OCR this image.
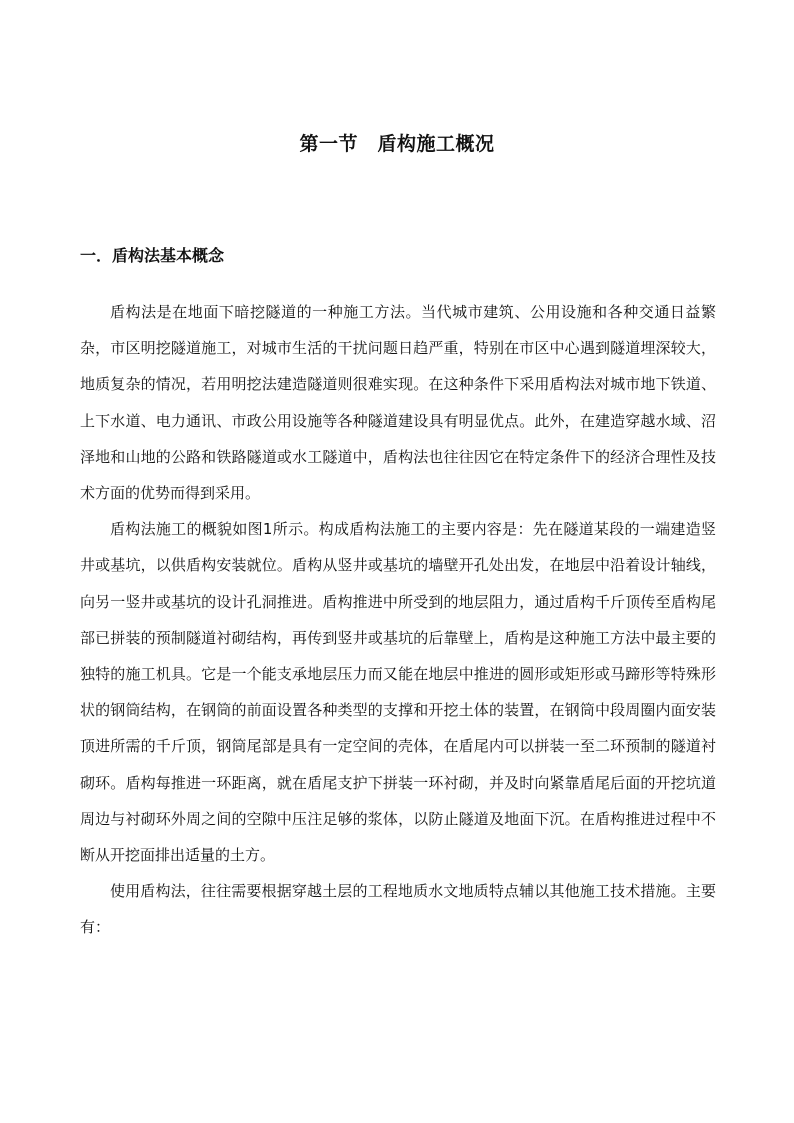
第一节　盾构施工概况
一．盾构法基本概念

盾构法是在地面下暗挖隧道的一种施工方法。当代城市建筑、公用设施和各种交通日益繁杂，市区明挖隧道施工，对城市生活的干扰问题日趋严重，特别在市区中心遇到隧道埋深较大，地质复杂的情况，若用明挖法建造隧道则很难实现。在这种条件下采用盾构法对城市地下铁道、上下水道、电力通讯、市政公用设施等各种隧道建设具有明显优点。此外，在建造穿越水域、沼泽地和山地的公路和铁路隧道或水工隧道中，盾构法也往往因它在特定条件下的经济合理性及技术方面的优势而得到采用。

盾构法施工的概貌如图1所示。构成盾构法施工的主要内容是：先在隧道某段的一端建造竖井或基坑，以供盾构安装就位。盾构从竖井或基坑的墙壁开孔处出发，在地层中沿着设计轴线，向另一竖井或基坑的设计孔洞推进。盾构推进中所受到的地层阻力，通过盾构千斤顶传至盾构尾部已拼装的预制隧道衬砌结构，再传到竖井或基坑的后靠壁上，盾构是这种施工方法中最主要的独特的施工机具。它是一个能支承地层压力而又能在地层中推进的圆形或矩形或马蹄形等特殊形状的钢筒结构，在钢筒的前面设置各种类型的支撑和开挖土体的装置，在钢筒中段周圈内面安装顶进所需的千斤顶，钢筒尾部是具有一定空间的壳体，在盾尾内可以拼装一至二环预制的隧道衬砌环。盾构每推进一环距离，就在盾尾支护下拼装一环衬砌，并及时向紧靠盾尾后面的开挖坑道周边与衬砌环外周之间的空隙中压注足够的浆体，以防止隧道及地面下沉。在盾构推进过程中不断从开挖面排出适量的土方。

使用盾构法，往往需要根据穿越土层的工程地质水文地质特点辅以其他施工技术措施。主要有：
